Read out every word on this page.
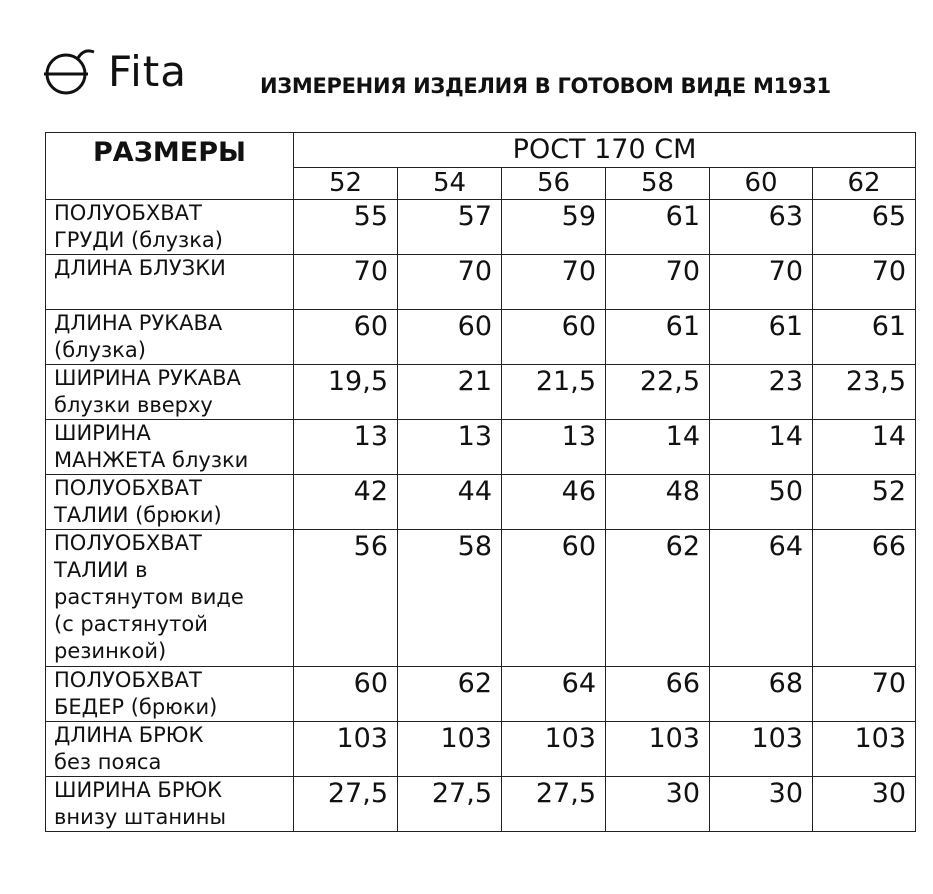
Fita	ИЗМЕРЕНИЯ ИЗДЕЛИЯ В ГОТОВОМ ВИДЕ М1931
РАЗМЕРЫ	РОСТ 170 СМ					
	52	54	56	58	60	62

ПОЛУОБХВАТ
ГРУДИ (блузка)	55	57	59	61	63	65

ДЛИНА БЛУЗКИ	70	70	70	70	70	70

ДЛИНА РУКАВА
(блузка)	60	60	60	61	61	61

ШИРИНА РУКАВА
блузки вверху	19,5	21	21,5	22,5	23	23,5

ШИРИНА
МАНЖЕТА блузки	13	13	13	14	14	14

ПОЛУОБХВАТ
ТАЛИИ (брюки)	42	44	46	48	50	52

ПОЛУОБХВАТ
ТАЛИИ в
растянутом виде
(с растянутой
резинкой)	56	58	60	62	64	66

ПОЛУОБХВАТ
БЕДЕР (брюки)	60	62	64	66	68	70

ДЛИНА БРЮК
без пояса	103	103	103	103	103	103

ШИРИНА БРЮК
внизу штанины	27,5	27,5	27,5	30	30	30
